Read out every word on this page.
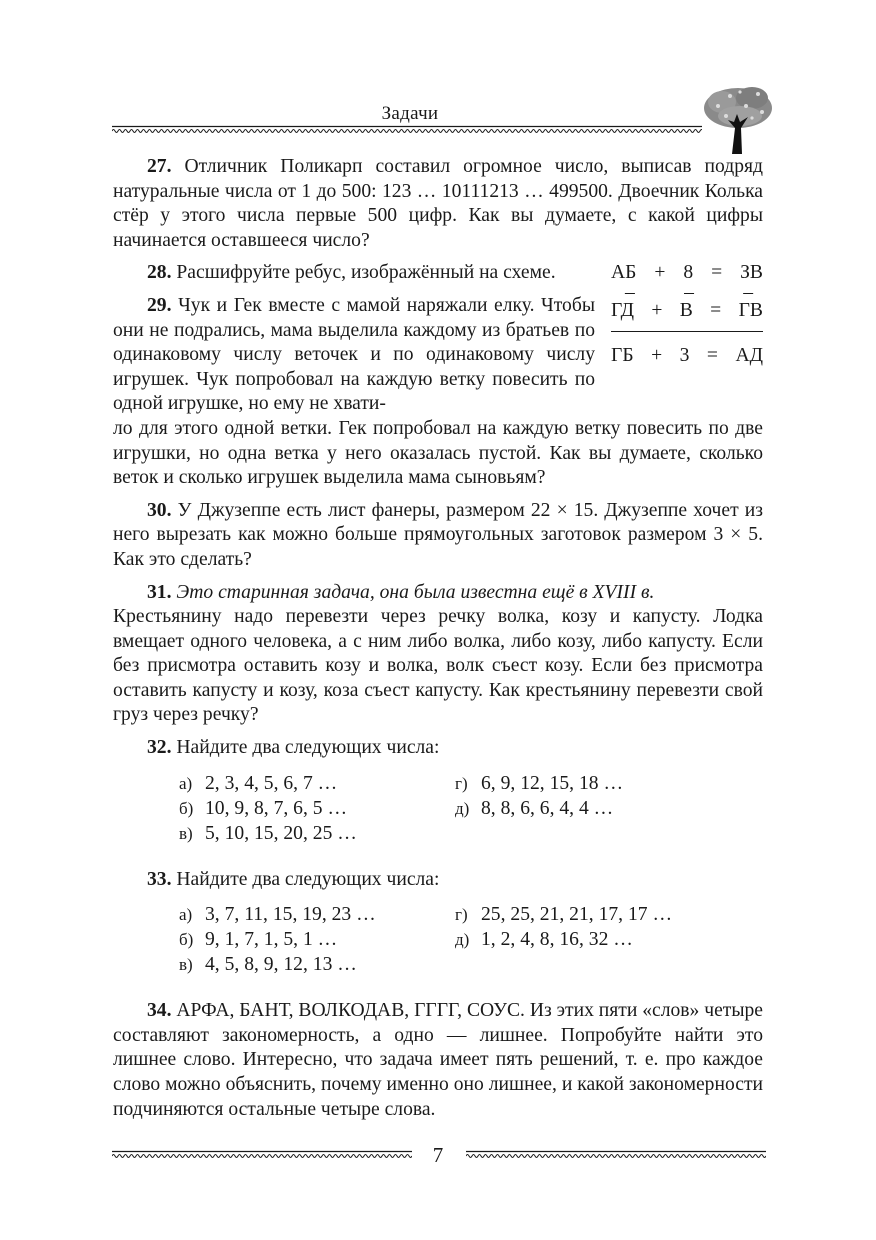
Задачи

27. Отличник Поликарп составил огромное число, выписав подряд натуральные числа от 1 до 500: 123 … 10111213 … 499500. Двоечник Колька стёр у этого числа первые 500 цифр. Как вы думаете, с какой цифры начинается оставшееся число?

АБ + 8 = ЗВ
–	–	–
ГД + В = ГВ
ГБ + 3 = АД

28. Расшифруйте ребус, изображённый на схеме.

29. Чук и Гек вместе с мамой наряжали елку. Чтобы они не подрались, мама выделила каждому из братьев по одинаковому числу веточек и по одинаковому числу игрушек. Чук попробовал на каждую ветку повесить по одной игрушке, но ему не хвати-

ло для этого одной ветки. Гек попробовал на каждую ветку повесить по две игрушки, но одна ветка у него оказалась пустой. Как вы думаете, сколько веток и сколько игрушек выделила мама сыновьям?

30. У Джузеппе есть лист фанеры, размером 22 × 15. Джузеппе хочет из него вырезать как можно больше прямоугольных заготовок размером 3 × 5. Как это сделать?

31. Это старинная задача, она была известна ещё в XVIII в.
Крестьянину надо перевезти через речку волка, козу и капусту. Лодка вмещает одного человека, а с ним либо волка, либо козу, либо капусту. Если без присмотра оставить козу и волка, волк съест козу. Если без присмотра оставить капусту и козу, коза съест капусту. Как крестьянину перевезти свой груз через речку?

32. Найдите два следующих числа:

а) 2, 3, 4, 5, 6, 7 …	г) 6, 9, 12, 15, 18 …
б) 10, 9, 8, 7, 6, 5 …	д) 8, 8, 6, 6, 4, 4 …
в) 5, 10, 15, 20, 25 …

33. Найдите два следующих числа:

а) 3, 7, 11, 15, 19, 23 …	г) 25, 25, 21, 21, 17, 17 …
б) 9, 1, 7, 1, 5, 1 …	д) 1, 2, 4, 8, 16, 32 …
в) 4, 5, 8, 9, 12, 13 …

34. АРФА, БАНТ, ВОЛКОДАВ, ГГГГ, СОУС. Из этих пяти «слов» четыре составляют закономерность, а одно — лишнее. Попробуйте найти это лишнее слово. Интересно, что задача имеет пять решений, т. е. про каждое слово можно объяснить, почему именно оно лишнее, и какой закономерности подчиняются остальные четыре слова.

7
